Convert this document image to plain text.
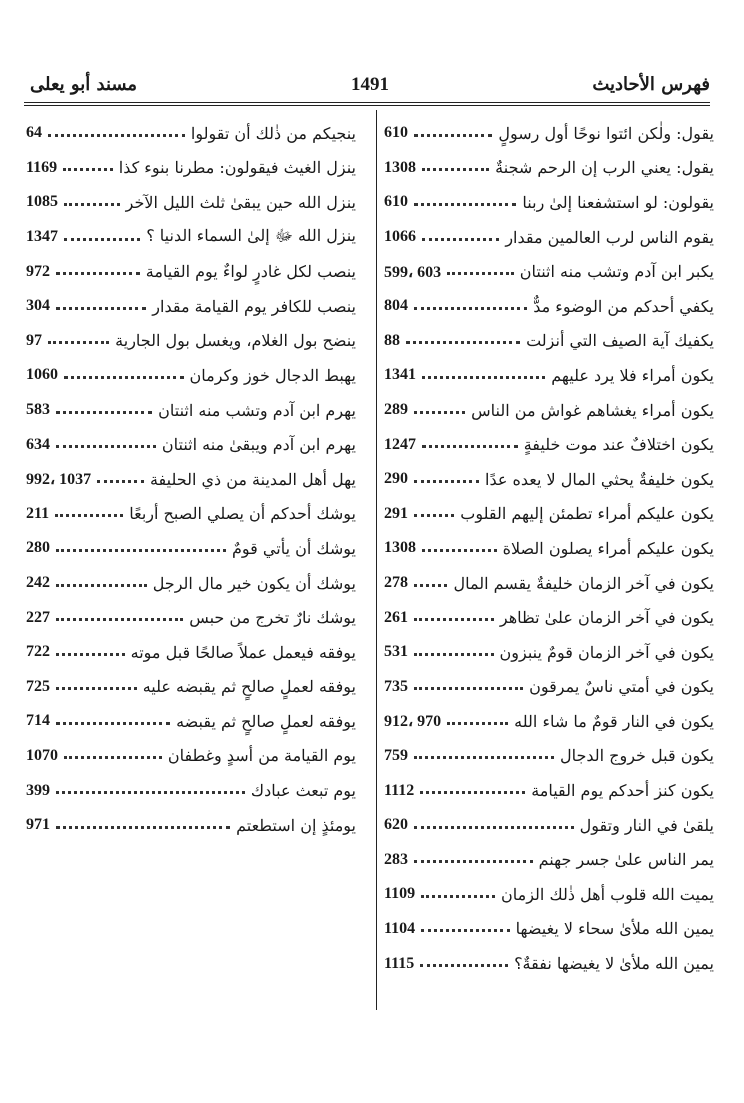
فهرس الأحاديث
1491
مسند أبو يعلى
يقول: ولٰكن ائتوا نوحًا أول رسولٍ
610
يقول: يعني الرب إن الرحم شجنةٌ
1308
يقولون: لو استشفعنا إلىٰ ربنا
610
يقوم الناس لرب العالمين مقدار
1066
يكبر ابن آدم وتشب منه اثنتان
599، 603
يكفي أحدكم من الوضوء مدٌّ
804
يكفيك آية الصيف التي أنزلت
88
يكون أمراء فلا يرد عليهم
1341
يكون أمراء يغشاهم غواش من الناس
289
يكون اختلافٌ عند موت خليفةٍ
1247
يكون خليفةٌ يحثي المال لا يعده عدًا
290
يكون عليكم أمراء تطمئن إليهم القلوب
291
يكون عليكم أمراء يصلون الصلاة
1308
يكون في آخر الزمان خليفةٌ يقسم المال
278
يكون في آخر الزمان علىٰ تظاهر
261
يكون في آخر الزمان قومٌ ينبزون
531
يكون في أمتي ناسٌ يمرقون
735
يكون في النار قومٌ ما شاء الله
912، 970
يكون قبل خروج الدجال
759
يكون كنز أحدكم يوم القيامة
1112
يلقىٰ في النار وتقول
620
يمر الناس علىٰ جسر جهنم
283
يميت الله قلوب أهل ذٰلك الزمان
1109
يمين الله ملأىٰ سحاء لا يغيضها
1104
يمين الله ملأىٰ لا يغيضها نفقةٌ؟
1115
ينجيكم من ذٰلك أن تقولوا
64
ينزل الغيث فيقولون: مطرنا بنوء كذا
1169
ينزل الله حين يبقىٰ ثلث الليل الآخر
1085
ينزل الله ﷻ إلىٰ السماء الدنيا ؟
1347
ينصب لكل غادرٍ لواءٌ يوم القيامة
972
ينصب للكافر يوم القيامة مقدار
304
ينضح بول الغلام، ويغسل بول الجارية
97
يهبط الدجال خوز وكرمان
1060
يهرم ابن آدم وتشب منه اثنتان
583
يهرم ابن آدم ويبقىٰ منه اثنتان
634
يهل أهل المدينة من ذي الحليفة
992، 1037
يوشك أحدكم أن يصلي الصبح أربعًا
211
يوشك أن يأتي قومٌ
280
يوشك أن يكون خير مال الرجل
242
يوشك نارٌ تخرج من حبس
227
يوفقه فيعمل عملاً صالحًا قبل موته
722
يوفقه لعملٍ صالحٍ ثم يقبضه عليه
725
يوفقه لعملٍ صالحٍ ثم يقبضه
714
يوم القيامة من أسدٍ وغطفان
1070
يوم تبعث عبادك
399
يومئذٍ إن استطعتم
971
